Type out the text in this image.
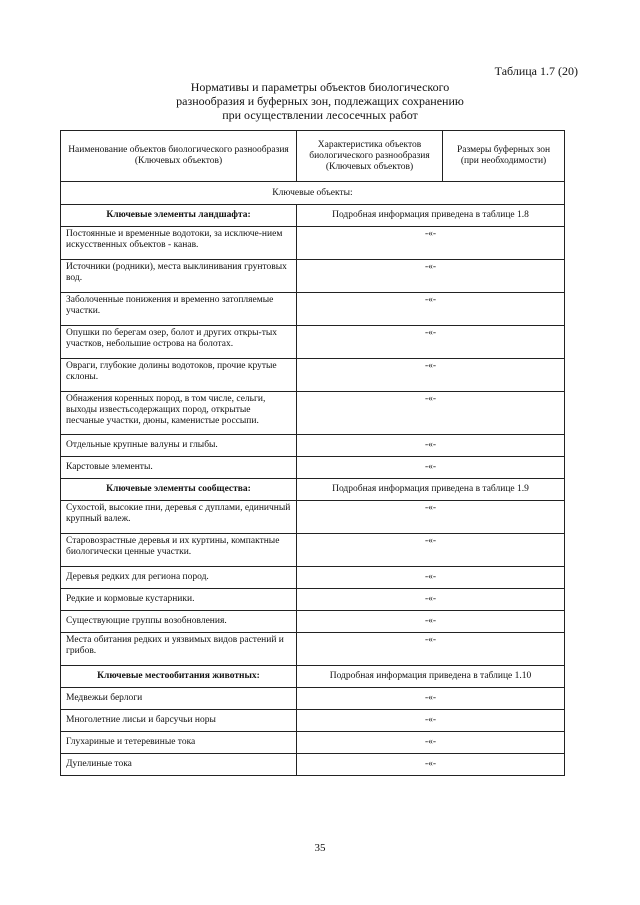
Таблица 1.7 (20)
Нормативы и параметры объектов биологического
разнообразия и буферных зон, подлежащих сохранению
при осуществлении лесосечных работ
Наименование объектов биологического разнообразия (Ключевых объектов)	Характеристика объектов биологического разнообразия (Ключевых объектов)	Размеры буферных зон (при необходимости)
Ключевые объекты:		
Ключевые элементы ландшафта:	Подробная информация приведена в таблице 1.8	
Постоянные и временные водотоки, за исключе-нием искусственных объектов - канав.	-«-	
Источники (родники), места выклинивания грунтовых вод.	-«-	
Заболоченные понижения и временно затопляемые участки.	-«-	
Опушки по берегам озер, болот и других откры-тых участков, небольшие острова на болотах.	-«-	
Овраги, глубокие долины водотоков, прочие крутые склоны.	-«-	
Обнажения коренных пород, в том числе, сельги, выходы известьсодержащих пород, открытые песчаные участки, дюны, каменистые россыпи.	-«-	
Отдельные крупные валуны и глыбы.	-«-	
Карстовые элементы.	-«-	
Ключевые элементы сообщества:	Подробная информация приведена в таблице 1.9	
Сухостой, высокие пни, деревья с дуплами, единичный крупный валеж.	-«-	
Старовозрастные деревья и их куртины, компактные биологически ценные участки.	-«-	
Деревья редких для региона пород.	-«-	
Редкие и кормовые кустарники.	-«-	
Существующие группы возобновления.	-«-	
Места обитания редких и уязвимых видов растений и грибов.	-«-	
Ключевые местообитания животных:	Подробная информация приведена в таблице 1.10	
Медвежьи берлоги	-«-	
Многолетние лисьи и барсучьи норы	-«-	
Глухариные и тетеревиные тока	-«-	
Дупелиные тока	-«-	
35
